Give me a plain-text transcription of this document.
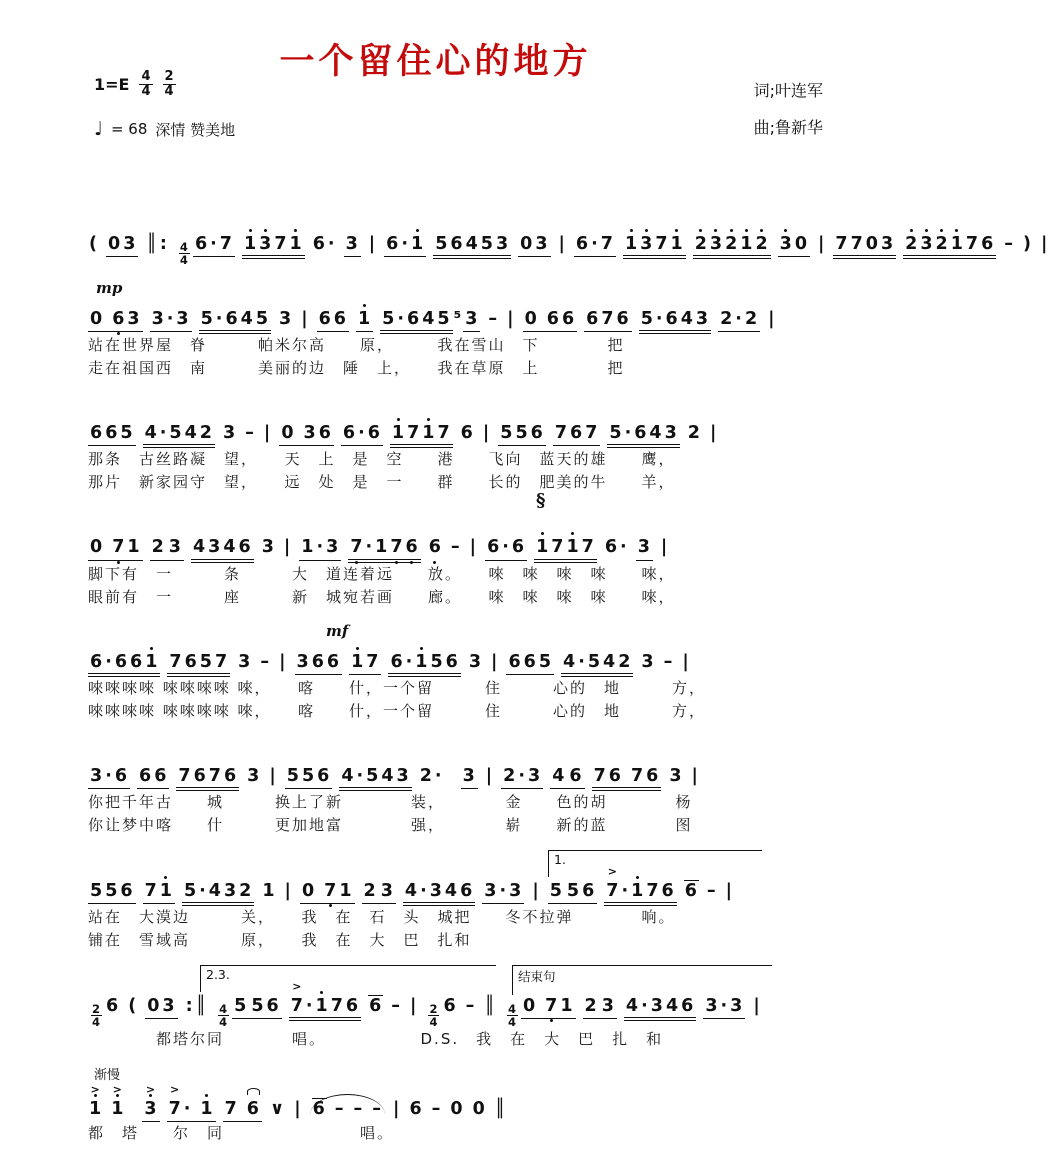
一个留住心的地方
词;叶连军
曲;鲁新华
$1=E \frac{4}{4} \frac{2}{4}$
♩ = 68 深情 赞美地
( 0 3 ║ : $\frac{4}{4} 6 \cdot 7$ 1 3 7 1 6 · 3 | 6 · 1 5 6 4 5 3 0 3 | 6 · 7 1 3 7 1 2 3 2 1 2 3 0 | 7 7 0 3 2 3 2 1 7 6 – ) |
mp
0 6 3 3 · 3 5 · 6 4 5 3 | 6 6 1 5 · 6 4 5 ⁵ 3 – | 0 6 6 6 7 6 5 · 6 4 3 2 · 2 |
站在世界屋　脊　　　帕米尔高　　原，　　　我在雪山　下　　　　把
走在祖国西　南　　　美丽的边　陲　上，　　我在草原　上　　　　把
§
6 6 5 4 · 5 4 2 3 – | 0 3 6 6 · 6 1 7 1 7 6 | 5 5 6 7 6 7 5 · 6 4 3 2 |
那条　古丝路凝　望，　　天　上　是　空　　港　　飞向　蓝天的雄　　鹰，
那片　新家园守　望，　　远　处　是　一　　群　　长的　肥美的牛　　羊，
0 7 1 2 3 4 3 4 6 3 | 1 · 3 7 · 1 7 6 6 – | 6 · 6 1 7 1 7 6 · 3 |
脚下有　一　　　条　　　大　道连着远　　放。　　唻　唻　唻　唻　　唻，
眼前有　一　　　座　　　新　城宛若画　　廊。　　唻　唻　唻　唻　　唻，
mf
6 · 6 6 1 7 6 5 7 3 – | 3 6 6 1 7 6 · 1 5 6 3 | 6 6 5 4 · 5 4 2 3 – |
唻唻唻唻 唻唻唻唻 唻，　　喀　　什，一个留　　　住　　　心的　地　　　方，
唻唻唻唻 唻唻唻唻 唻，　　喀　　什，一个留　　　住　　　心的　地　　　方，
3 · 6 6 6 7 6 7 6 3 | 5 5 6 4 · 5 4 3 2 · 3 | 2 · 3 4 6 7 6 7 6 3 |
你把千年古　　城　　　换上了新　　　　装，　　　　金　　色的胡　　　　杨
你让梦中喀　　什　　　更加地富　　　　强，　　　　崭　　新的蓝　　　　图
1.
5 5 6 7 1 5 · 4 3 2 1 | 0 7 1 2 3 4 · 3 4 6 3 · 3 | 5 5 6 > 7 · 1 7 6 6 – |
站在　大漠边　　　关，　　我　在　石　头　城把　　冬不拉弹　　　　响。
铺在　雪域高　　　原，　　我　在　大　巴　扎和
2.3.	结束句
$\frac{2}{4} 6$ ( 0 3 : ║ $\frac{4}{4} 5$ 5 6 > 7 · 1 7 6 6 – | $\frac{2}{4} 6$ – ║ $\frac{4}{4} 0$ 7 1 2 3 4 · 3 4 6 3 · 3 |
　　　　都塔尔同　　　　唱。　　　　　　D.S.　我　在　大　巴　扎　和
渐慢
> 1 > 1 > 3 > 7 · 1 7 6 ∨ | 6 – – – | 6 – 0 0 ║
都　塔　　尔　同　　　　　　　　唱。
